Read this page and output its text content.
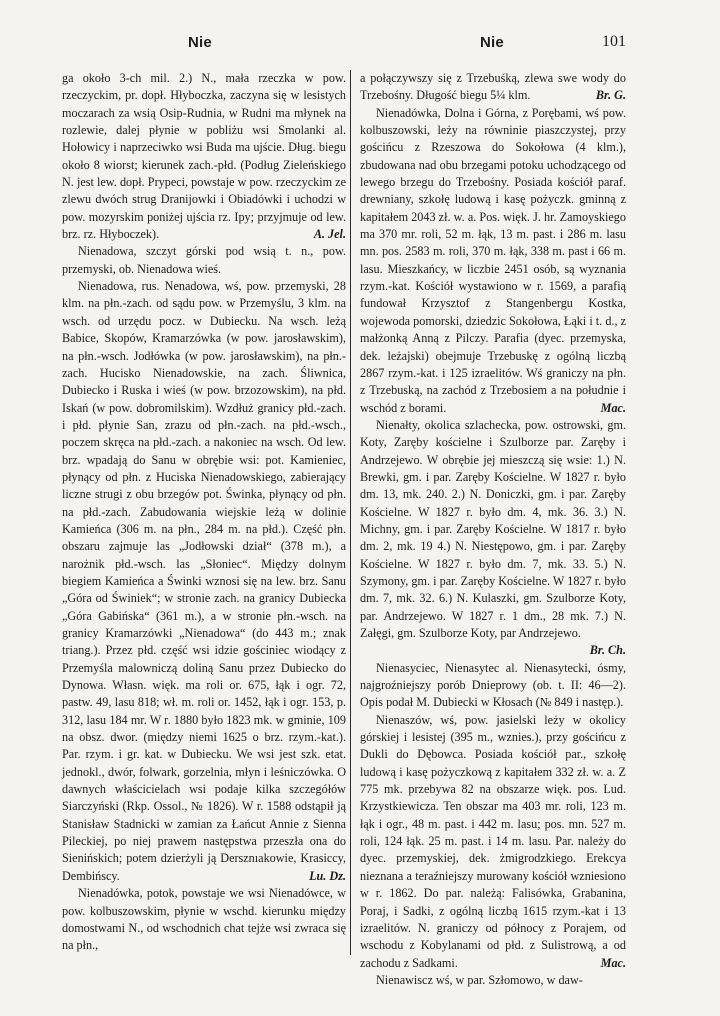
Nie	Nie	101

ga około 3-ch mil. 2.) N., mała rzeczka w pow. rzeczyckim, pr. dopł. Hłyboczka, zaczyna się w lesistych moczarach za wsią Osip-Rudnia, w Rudni ma młynek na rozlewie, dalej płynie w pobliżu wsi Smolanki al. Hołowicy i naprzeciwko wsi Buda ma ujście. Dług. biegu około 8 wiorst; kierunek zach.-płd. (Podług Zieleńskiego N. jest lew. dopł. Prypeci, powstaje w pow. rzeczyckim ze zlewu dwóch strug Dranijowki i Obiadówki i uchodzi w pow. mozyrskim poniżej ujścia rz. Ipy; przyjmuje od lew. brz. rz. Hłyboczek).	A. Jel.

Nienadowa, szczyt górski pod wsią t. n., pow. przemyski, ob. Nienadowa wieś.

Nienadowa, rus. Nenadowa, wś, pow. przemyski, 28 klm. na płn.-zach. od sądu pow. w Przemyślu, 3 klm. na wsch. od urzędu pocz. w Dubiecku. Na wsch. leżą Babice, Skopów, Kramarzówka (w pow. jarosławskim), na płn.-wsch. Jodłówka (w pow. jarosławskim), na płn.-zach. Hucisko Nienadowskie, na zach. Śliwnica, Dubiecko i Ruska i wieś (w pow. brzozowskim), na płd. Iskań (w pow. dobromilskim). Wzdłuż granicy płd.-zach. i płd. płynie San, zrazu od płn.-zach. na płd.-wsch., poczem skręca na płd.-zach. a nakoniec na wsch. Od lew. brz. wpadają do Sanu w obrębie wsi: pot. Kamieniec, płynący od płn. z Huciska Nienadowskiego, zabierający liczne strugi z obu brzegów pot. Świnka, płynący od płn. na płd.-zach. Zabudowania wiejskie leżą w dolinie Kamieńca (306 m. na płn., 284 m. na płd.). Część płn. obszaru zajmuje las „Jodłowski dział“ (378 m.), a narożnik płd.-wsch. las „Słoniec“. Między dolnym biegiem Kamieńca a Świnki wznosi się na lew. brz. Sanu „Góra od Świniek“; w stronie zach. na granicy Dubiecka „Góra Gabińska“ (361 m.), a w stronie płn.-wsch. na granicy Kramarzówki „Nienadowa“ (do 443 m.; znak triang.). Przez płd. część wsi idzie gościniec wiodący z Przemyśla malowniczą doliną Sanu przez Dubiecko do Dynowa. Własn. więk. ma roli or. 675, łąk i ogr. 72, pastw. 49, lasu 818; wł. m. roli or. 1452, łąk i ogr. 153, p. 312, lasu 184 mr. W r. 1880 było 1823 mk. w gminie, 109 na obsz. dwor. (między niemi 1625 o brz. rzym.-kat.). Par. rzym. i gr. kat. w Dubiecku. We wsi jest szk. etat. jednokl., dwór, folwark, gorzelnia, młyn i leśniczówka. O dawnych właścicielach wsi podaje kilka szczegółów Siarczyński (Rkp. Ossol., № 1826). W r. 1588 odstąpił ją Stanisław Stadnicki w zamian za Łańcut Annie z Sienna Pileckiej, po niej prawem następstwa przeszła ona do Sienińskich; potem dzierżyli ją Dersznıakowie, Krasiccy, Dembińscy.	Lu. Dz.

Nienadówka, potok, powstaje we wsi Nienadówce, w pow. kolbuszowskim, płynie w wschd. kierunku między domostwami N., od wschodnich chat tejże wsi zwraca się na płn.,

a połączywszy się z Trzebuśką, zlewa swe wody do Trzebośny. Długość biegu 5¼ klm.	Br. G.

Nienadówka, Dolna i Górna, z Porębami, wś pow. kolbuszowski, leży na równinie piaszczystej, przy gościńcu z Rzeszowa do Sokołowa (4 klm.), zbudowana nad obu brzegami potoku uchodzącego od lewego brzegu do Trzebośny. Posiada kościół paraf. drewniany, szkołę ludową i kasę pożyczk. gminną z kapitałem 2043 zł. w. a. Pos. więk. J. hr. Zamoyskiego ma 370 mr. roli, 52 m. łąk, 13 m. past. i 286 m. lasu mn. pos. 2583 m. roli, 370 m. łąk, 338 m. past i 66 m. lasu. Mieszkańcy, w liczbie 2451 osób, są wyznania rzym.-kat. Kościół wystawiono w r. 1569, a parafią fundował Krzysztof z Stangenbergu Kostka, wojewoda pomorski, dziedzic Sokołowa, Łąki i t. d., z małżonką Anną z Pilczy. Parafia (dyec. przemyska, dek. leżajski) obejmuje Trzebuskę z ogólną liczbą 2867 rzym.-kat. i 125 izraelitów. Wś graniczy na płn. z Trzebuską, na zachód z Trzebosiem a na południe i wschód z borami.	Mac.

Nienałty, okolica szlachecka, pow. ostrowski, gm. Koty, Zaręby kościelne i Szulborze par. Zaręby i Andrzejewo. W obrębie jej mieszczą się wsie: 1.) N. Brewki, gm. i par. Zaręby Kościelne. W 1827 r. było dm. 13, mk. 240. 2.) N. Doniczki, gm. i par. Zaręby Kościelne. W 1827 r. było dm. 4, mk. 36. 3.) N. Michny, gm. i par. Zaręby Kościelne. W 1817 r. było dm. 2, mk. 19 4.) N. Niestępowo, gm. i par. Zaręby Kościelne. W 1827 r. było dm. 7, mk. 33. 5.) N. Szymony, gm. i par. Zaręby Kościelne. W 1827 r. było dm. 7, mk. 32. 6.) N. Kulaszki, gm. Szulborze Koty, par. Andrzejewo. W 1827 r. 1 dm., 28 mk. 7.) N. Załęgi, gm. Szulborze Koty, par Andrzejewo.
Br. Ch.

Nienasyciec, Nienasytec al. Nienasytecki, ósmy, najgroźniejszy porób Dnieprowy (ob. t. II: 46—2). Opis podał M. Dubiecki w Kłosach (№ 849 i następ.).

Nienaszów, wś, pow. jasielski leży w okolicy górskiej i lesistej (395 m., wznies.), przy gościńcu z Dukli do Dębowca. Posiada kościół par., szkołę ludową i kasę pożyczkową z kapitałem 332 zł. w. a. Z 775 mk. przebywa 82 na obszarze więk. pos. Lud. Krzystkiewicza. Ten obszar ma 403 mr. roli, 123 m. łąk i ogr., 48 m. past. i 442 m. lasu; pos. mn. 527 m. roli, 124 łąk. 25 m. past. i 14 m. lasu. Par. należy do dyec. przemyskiej, dek. żmigrodzkiego. Erekcya nieznana a teraźniejszy murowany kościół wzniesiono w r. 1862. Do par. należą: Falisówka, Grabanina, Poraj, i Sadki, z ogólną liczbą 1615 rzym.-kat i 13 izraelitów. N. graniczy od północy z Porajem, od wschodu z Kobylanami od płd. z Sulistrową, a od zachodu z Sadkami.	Mac.

Nienawiscz wś, w par. Szłomowo, w daw-
